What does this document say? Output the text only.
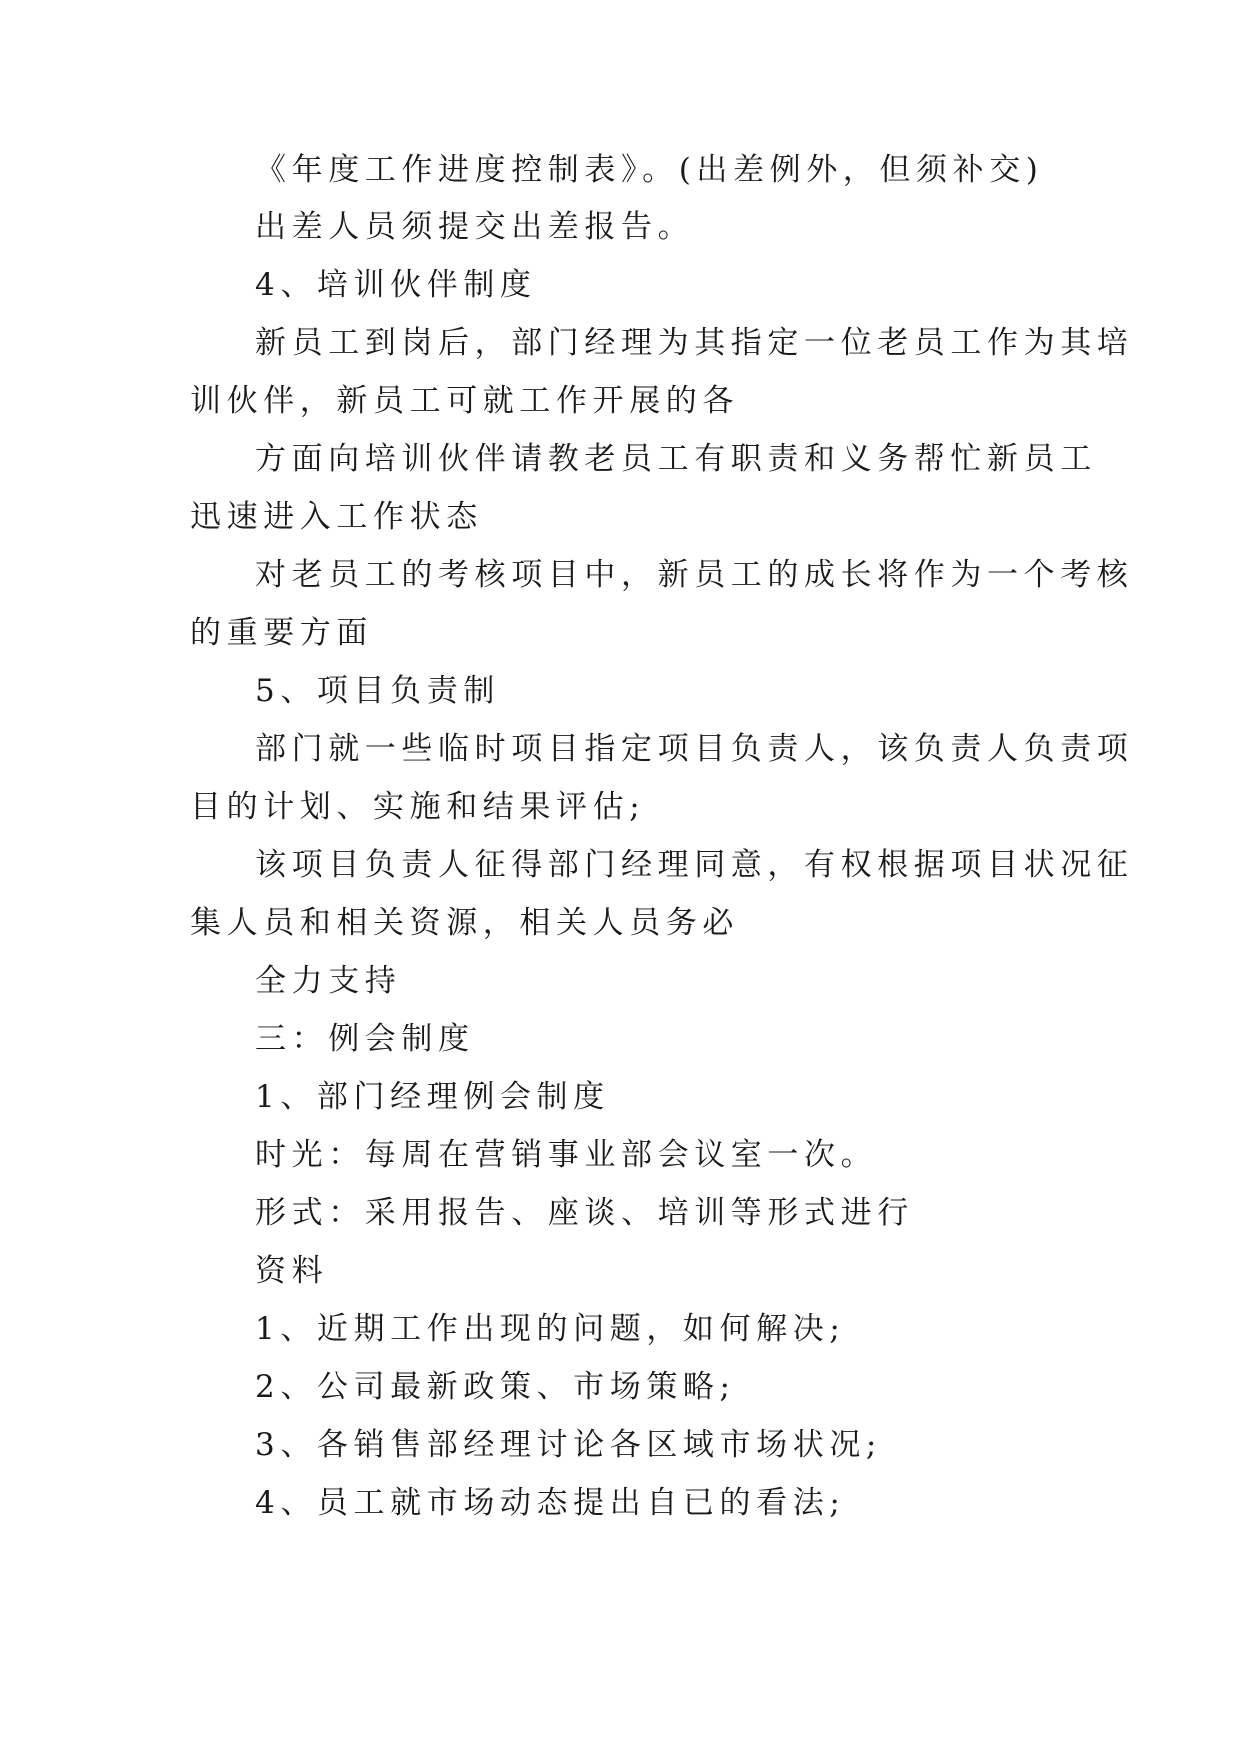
《年度工作进度控制表》。(出差例外，但须补交)
出差人员须提交出差报告。
4、培训伙伴制度
新员工到岗后，部门经理为其指定一位老员工作为其培
训伙伴，新员工可就工作开展的各
方面向培训伙伴请教老员工有职责和义务帮忙新员工
迅速进入工作状态
对老员工的考核项目中，新员工的成长将作为一个考核
的重要方面
5、项目负责制
部门就一些临时项目指定项目负责人，该负责人负责项
目的计划、实施和结果评估;
该项目负责人征得部门经理同意，有权根据项目状况征
集人员和相关资源，相关人员务必
全力支持
三：例会制度
1、部门经理例会制度
时光：每周在营销事业部会议室一次。
形式：采用报告、座谈、培训等形式进行
资料
1、近期工作出现的问题，如何解决;
2、公司最新政策、市场策略;
3、各销售部经理讨论各区域市场状况;
4、员工就市场动态提出自已的看法;
